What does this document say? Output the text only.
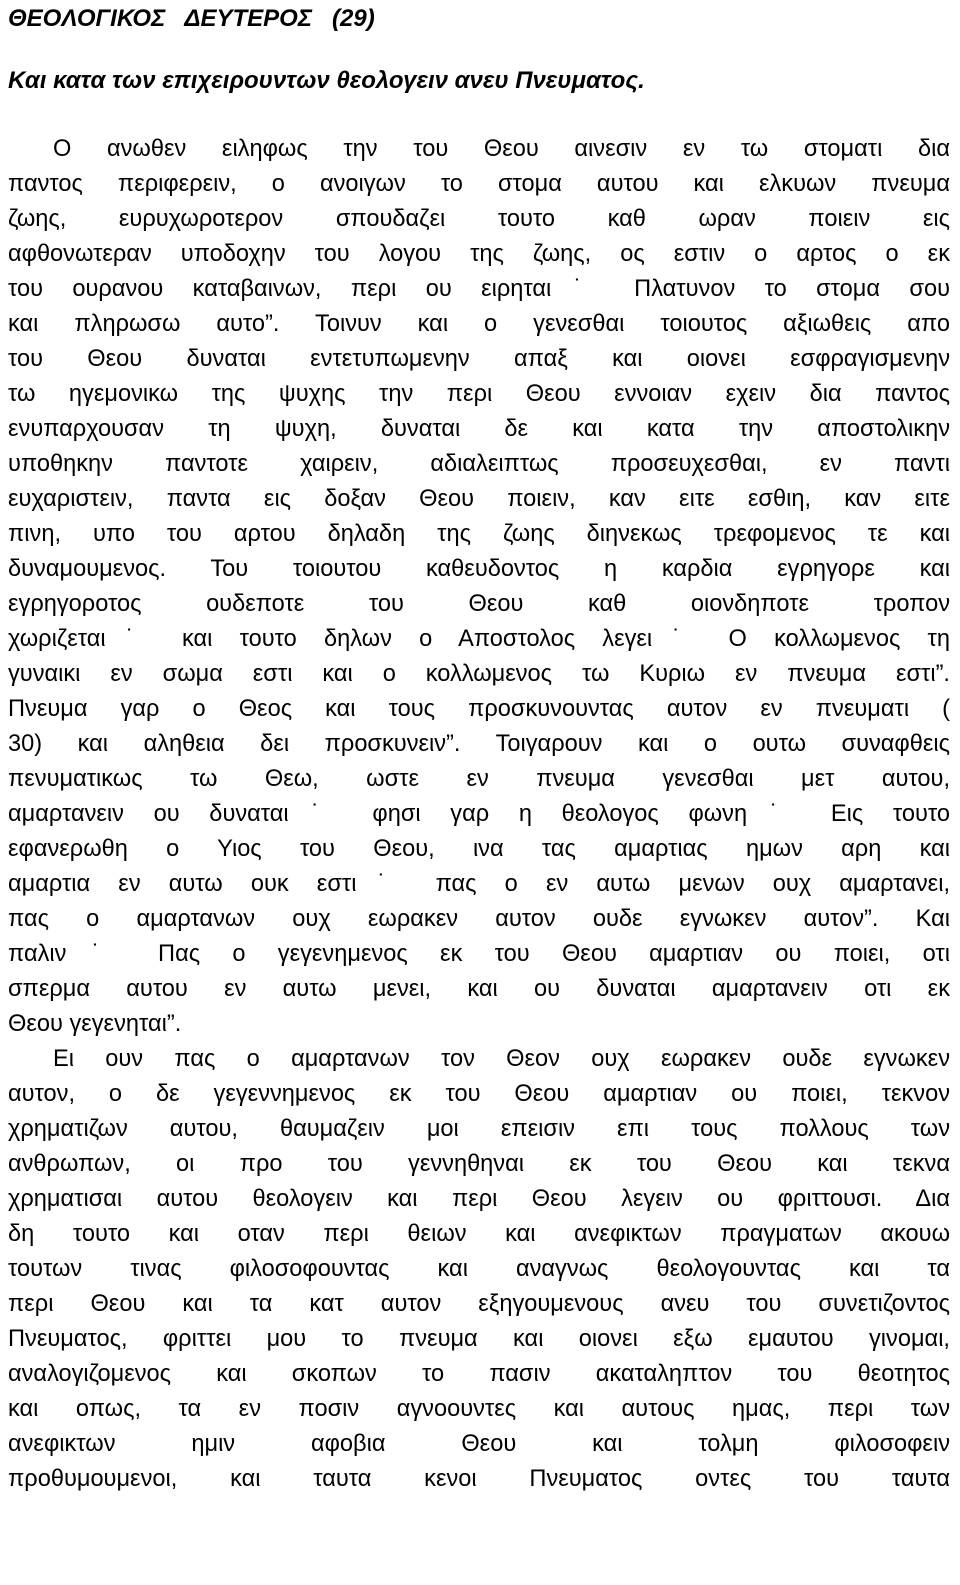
ΘΕΟΛΟΓΙΚΟΣ   ΔΕΥΤΕΡΟΣ   (29)
Και κατα των επιχειρουντων θεολογειν ανευ Πνευματος.
Ο ανωθεν ειληφως την του Θεου αινεσιν εν τω στοματι δια
παντος περιφερειν, ο ανοιγων το στομα αυτου και ελκυων πνευμα
ζωης, ευρυχωροτερον σπουδαζει τουτο καθ ωραν ποιειν εις
αφθονωτεραν υποδοχην του λογου της ζωης, ος εστιν ο αρτος ο εκ
του ουρανου καταβαινων, περι ου ειρηται˙ Πλατυνον το στομα σου
και πληρωσω αυτο”. Τοινυν και ο γενεσθαι τοιουτος αξιωθεις απο
του Θεου δυναται εντετυπωμενην απαξ και οιονει εσφραγισμενην
τω ηγεμονικω της ψυχης την περι Θεου εννοιαν εχειν δια παντος
ενυπαρχουσαν τη ψυχη, δυναται δε και κατα την αποστολικην
υποθηκην παντοτε χαιρειν, αδιαλειπτως προσευχεσθαι, εν παντι
ευχαριστειν, παντα εις δοξαν Θεου ποιειν, καν ειτε εσθιη, καν ειτε
πινη, υπο του αρτου δηλαδη της ζωης διηνεκως τρεφομενος τε και
δυναμουμενος. Του τοιουτου καθευδοντος η καρδια εγρηγορε και
εγρηγοροτος ουδεποτε του Θεου καθ οιονδηποτε τροπον
χωριζεται˙ και τουτο δηλων ο Αποστολος λεγει˙ Ο κολλωμενος τη
γυναικι εν σωμα εστι και ο κολλωμενος τω Κυριω εν πνευμα εστι”.
Πνευμα γαρ ο Θεος και τους προσκυνουντας αυτον εν πνευματι (
30) και αληθεια δει προσκυνειν”. Τοιγαρουν και ο ουτω συναφθεις
πενυματικως τω Θεω, ωστε εν πνευμα γενεσθαι μετ αυτου,
αμαρτανειν ου δυναται˙ φησι γαρ η θεολογος φωνη˙ Εις τουτο
εφανερωθη ο Υιος του Θεου, ινα τας αμαρτιας ημων αρη και
αμαρτια εν αυτω ουκ εστι˙ πας ο εν αυτω μενων ουχ αμαρτανει,
πας ο αμαρτανων ουχ εωρακεν αυτον ουδε εγνωκεν αυτον”. Και
παλιν˙ Πας ο γεγενημενος εκ του Θεου αμαρτιαν ου ποιει, οτι
σπερμα αυτου εν αυτω μενει, και ου δυναται αμαρτανειν οτι εκ
Θεου γεγενηται”.
Ει ουν πας ο αμαρτανων τον Θεον ουχ εωρακεν ουδε εγνωκεν
αυτον, ο δε γεγεννημενος εκ του Θεου αμαρτιαν ου ποιει, τεκνον
χρηματιζων αυτου, θαυμαζειν μοι επεισιν επι τους πολλους των
ανθρωπων, οι προ του γεννηθηναι εκ του Θεου και τεκνα
χρηματισαι αυτου θεολογειν και περι Θεου λεγειν ου φριττουσι. Δια
δη τουτο και οταν περι θειων και ανεφικτων πραγματων ακουω
τουτων τινας φιλοσοφουντας και αναγνως θεολογουντας και τα
περι Θεου και τα κατ αυτον εξηγουμενους ανευ του συνετιζοντος
Πνευματος, φριττει μου το πνευμα και οιονει εξω εμαυτου γινομαι,
αναλογιζομενος και σκοπων το πασιν ακαταληπτον του θεοτητος
και οπως, τα εν ποσιν αγνοουντες και αυτους ημας, περι των
ανεφικτων ημιν αφοβια Θεου και τολμη φιλοσοφειν
προθυμουμενοι, και ταυτα κενοι Πνευματος οντες του ταυτα
